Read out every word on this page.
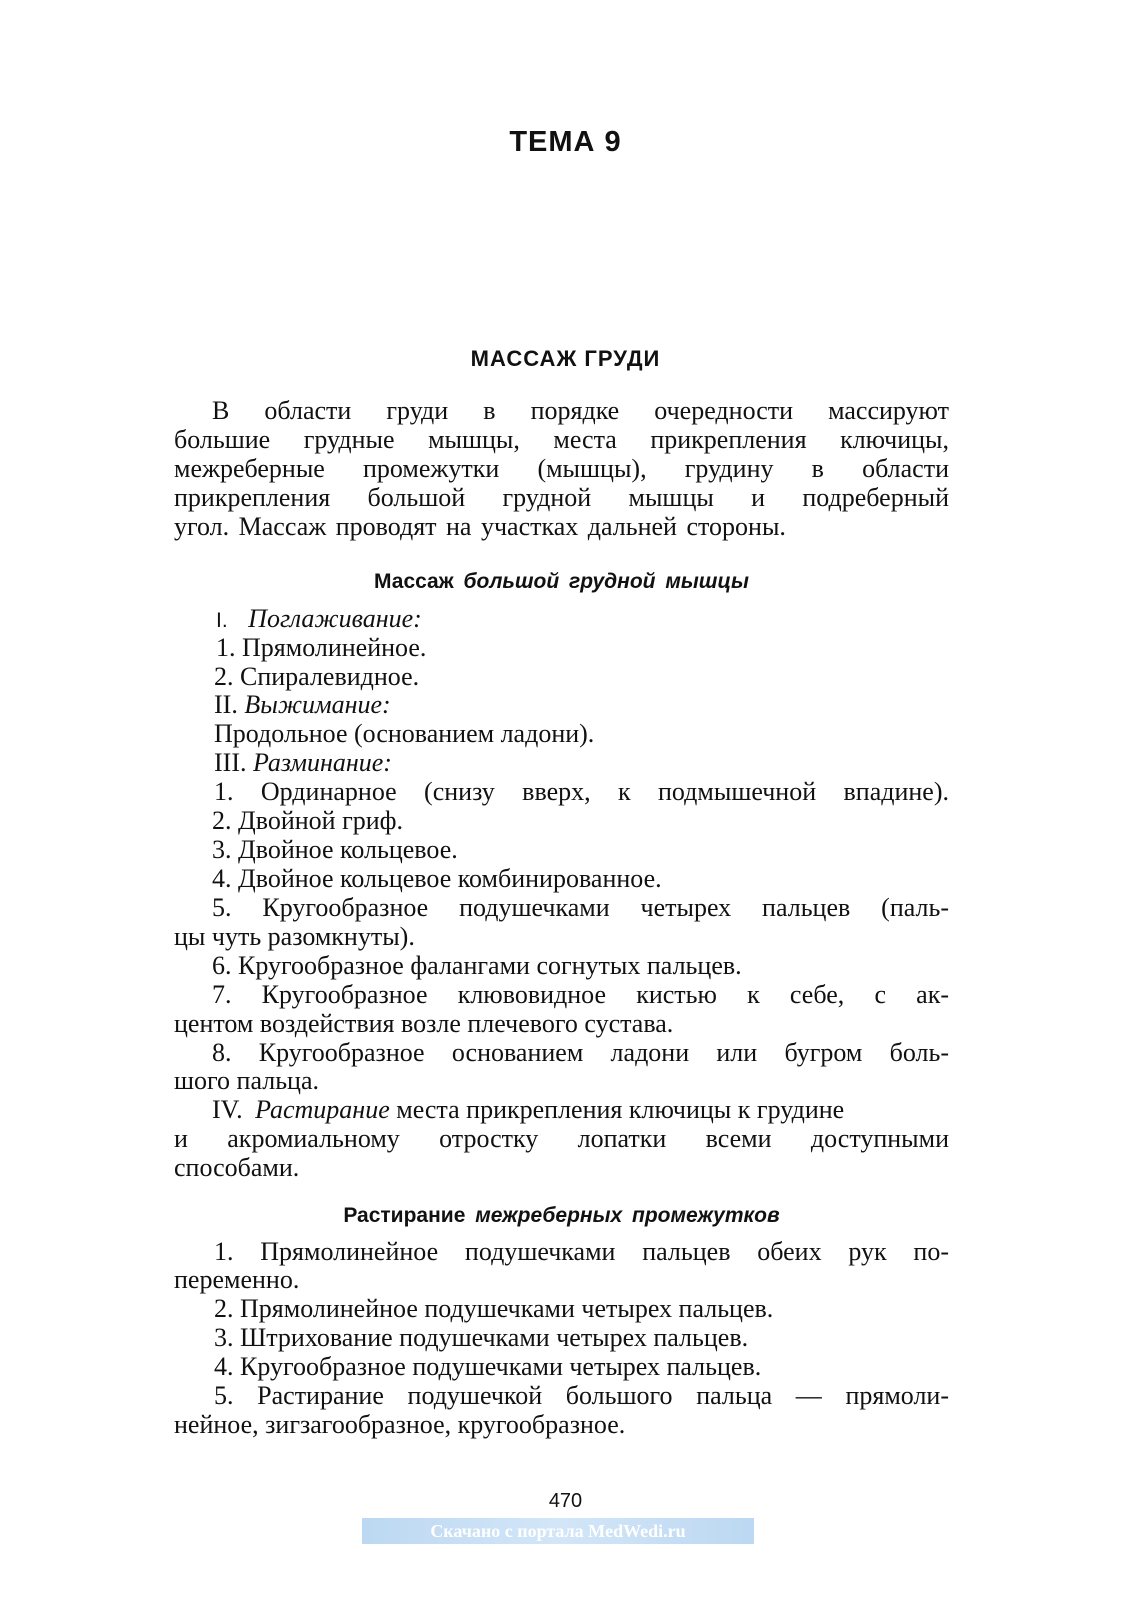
ТЕМА 9
МАССАЖ ГРУДИ
В области груди в порядке очередности массируют
большие грудные мышцы, места прикрепления ключицы,
межреберные промежутки (мышцы), грудину в области
прикрепления большой грудной мышцы и подреберный
угол. Массаж проводят на участках дальней стороны.
Массаж большой грудной мышцы
I. Поглаживание:
1. Прямолинейное.
2. Спиралевидное.
II. Выжимание:
Продольное (основанием ладони).
III. Разминание:
1. Ординарное (снизу вверх, к подмышечной впадине).
2. Двойной гриф.
3. Двойное кольцевое.
4. Двойное кольцевое комбинированное.
5. Кругообразное подушечками четырех пальцев (паль-
цы чуть разомкнуты).
6. Кругообразное фалангами согнутых пальцев.
7. Кругообразное клювовидное кистью к себе, с ак-
центом воздействия возле плечевого сустава.
8. Кругообразное основанием ладони или бугром боль-
шого пальца.
IV. Растирание места прикрепления ключицы к грудине
и акромиальному отростку лопатки всеми доступными
способами.
Растирание межреберных промежутков
1. Прямолинейное подушечками пальцев обеих рук по-
переменно.
2. Прямолинейное подушечками четырех пальцев.
3. Штрихование подушечками четырех пальцев.
4. Кругообразное подушечками четырех пальцев.
5. Растирание подушечкой большого пальца — прямоли-
нейное, зигзагообразное, кругообразное.
470
Скачано с портала MedWedi.ru
